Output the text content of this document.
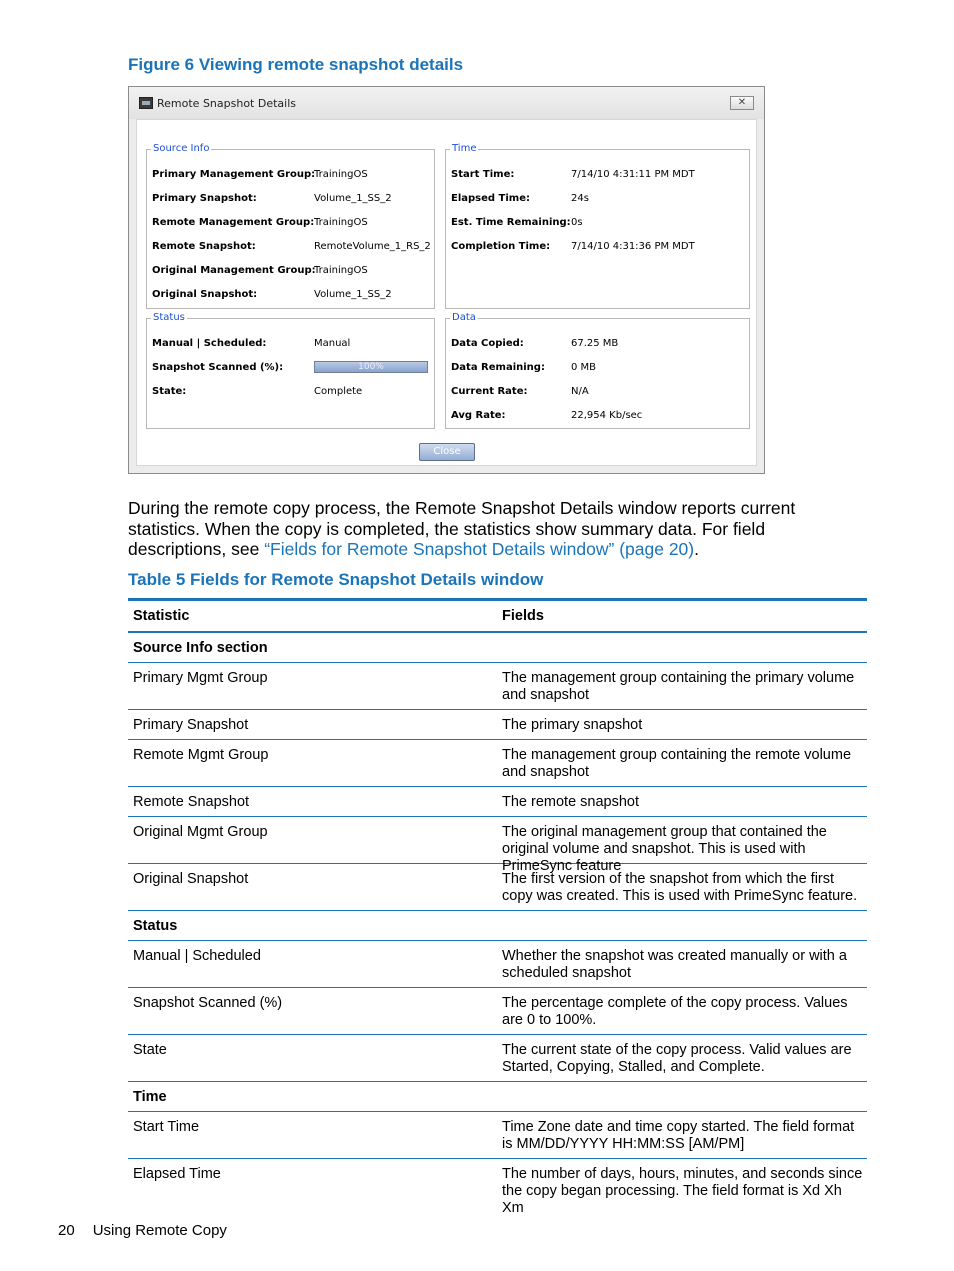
Figure 6 Viewing remote snapshot details
Remote Snapshot Details	✕
Source Info
Primary Management Group:
TrainingOS
Primary Snapshot:	Volume_1_SS_2
Remote Management Group: TrainingOS
Remote Snapshot:	RemoteVolume_1_RS_2
Original Management Group:
TrainingOS
Original Snapshot:	Volume_1_SS_2
Time
Start Time:	7/14/10 4:31:11 PM MDT
Elapsed Time:	24s
Est. Time Remaining: 0s
Completion Time: 7/14/10 4:31:36 PM MDT
Status
Manual | Scheduled:	Manual
Snapshot Scanned (%):	100%
State:	Complete
Data
Data Copied:	67.25 MB
Data Remaining:	0 MB
Current Rate:	N/A
Avg Rate:	22,954 Kb/sec
Close
During the remote copy process, the Remote Snapshot Details window reports current statistics. When the copy is completed, the statistics show summary data. For field descriptions, see “Fields for Remote Snapshot Details window” (page 20).
Table 5 Fields for Remote Snapshot Details window
Statistic	Fields
Source Info section
Primary Mgmt Group	The management group containing the primary volume and snapshot
Primary Snapshot	The primary snapshot
Remote Mgmt Group	The management group containing the remote volume and snapshot
Remote Snapshot	The remote snapshot
Original Mgmt Group	The original management group that contained the original volume and snapshot. This is used with PrimeSync feature
Original Snapshot	The first version of the snapshot from which the first copy was created. This is used with PrimeSync feature.
Status
Manual | Scheduled	Whether the snapshot was created manually or with a scheduled snapshot
Snapshot Scanned (%)	The percentage complete of the copy process. Values are 0 to 100%.
State	The current state of the copy process. Valid values are Started, Copying, Stalled, and Complete.
Time
Start Time	Time Zone date and time copy started. The field format is MM/DD/YYYY HH:MM:SS [AM/PM]
Elapsed Time	The number of days, hours, minutes, and seconds since the copy began processing. The field format is Xd Xh Xm
20 Using Remote Copy
